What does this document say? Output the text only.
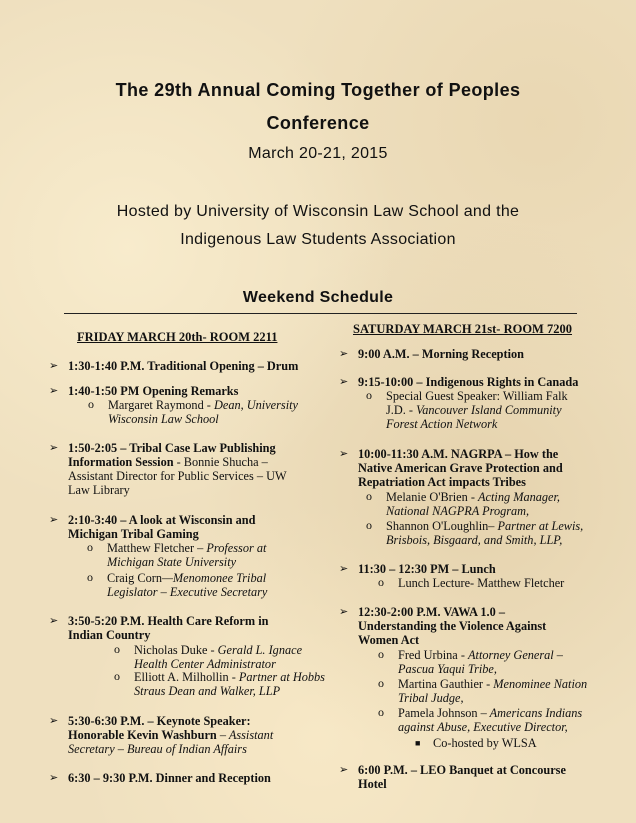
The 29th Annual Coming Together of Peoples
Conference
March 20-21, 2015
Hosted by University of Wisconsin Law School and the
Indigenous Law Students Association
Weekend Schedule
FRIDAY MARCH 20th- ROOM 2211
➢ 1:30-1:40 P.M. Traditional Opening – Drum
➢ 1:40-1:50 PM Opening Remarks
o Margaret Raymond - Dean, University
Wisconsin Law School
➢ 1:50-2:05 – Tribal Case Law Publishing
Information Session - Bonnie Shucha –
Assistant Director for Public Services – UW
Law Library
➢ 2:10-3:40 – A look at Wisconsin and
Michigan Tribal Gaming
o Matthew Fletcher – Professor at
Michigan State University
o Craig Corn—Menomonee Tribal
Legislator – Executive Secretary
➢ 3:50-5:20 P.M. Health Care Reform in
Indian Country
o Nicholas Duke - Gerald L. Ignace
Health Center Administrator
o Elliott A. Milhollin - Partner at Hobbs
Straus Dean and Walker, LLP
➢ 5:30-6:30 P.M. – Keynote Speaker:
Honorable Kevin Washburn – Assistant
Secretary – Bureau of Indian Affairs
➢ 6:30 – 9:30 P.M. Dinner and Reception
SATURDAY MARCH 21st- ROOM 7200
➢ 9:00 A.M. – Morning Reception
➢ 9:15-10:00 – Indigenous Rights in Canada
o Special Guest Speaker: William Falk
J.D. - Vancouver Island Community
Forest Action Network
➢ 10:00-11:30 A.M. NAGRPA – How the
Native American Grave Protection and
Repatriation Act impacts Tribes
o Melanie O'Brien - Acting Manager,
National NAGPRA Program,
o Shannon O'Loughlin– Partner at Lewis,
Brisbois, Bisgaard, and Smith, LLP,
➢ 11:30 – 12:30 PM – Lunch
o Lunch Lecture- Matthew Fletcher
➢ 12:30-2:00 P.M. VAWA 1.0 –
Understanding the Violence Against
Women Act
o Fred Urbina - Attorney General –
Pascua Yaqui Tribe,
o Martina Gauthier - Menominee Nation
Tribal Judge,
o Pamela Johnson – Americans Indians
against Abuse, Executive Director,
■ Co-hosted by WLSA
➢ 6:00 P.M. – LEO Banquet at Concourse
Hotel
